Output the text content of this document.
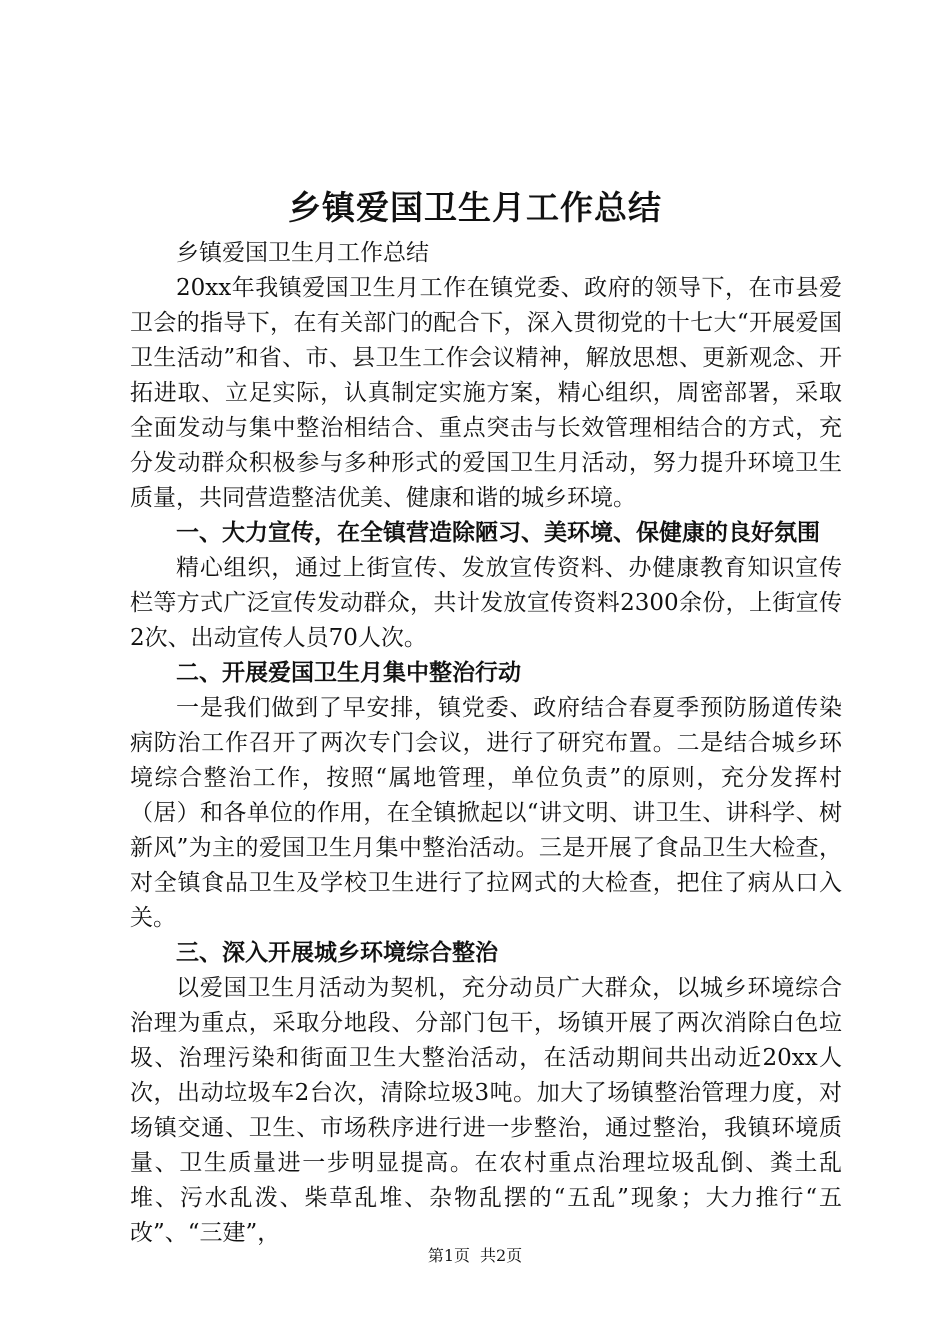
乡镇爱国卫生月工作总结

乡镇爱国卫生月工作总结

20xx年我镇爱国卫生月工作在镇党委、政府的领导下，在市县爱卫会的指导下，在有关部门的配合下，深入贯彻党的十七大“开展爱国卫生活动”和省、市、县卫生工作会议精神，解放思想、更新观念、开拓进取、立足实际，认真制定实施方案，精心组织，周密部署，采取全面发动与集中整治相结合、重点突击与长效管理相结合的方式，充分发动群众积极参与多种形式的爱国卫生月活动，努力提升环境卫生质量，共同营造整洁优美、健康和谐的城乡环境。

一、大力宣传，在全镇营造除陋习、美环境、保健康的良好氛围

精心组织，通过上街宣传、发放宣传资料、办健康教育知识宣传栏等方式广泛宣传发动群众，共计发放宣传资料2300余份，上街宣传2次、出动宣传人员70人次。

二、开展爱国卫生月集中整治行动

一是我们做到了早安排，镇党委、政府结合春夏季预防肠道传染病防治工作召开了两次专门会议，进行了研究布置。二是结合城乡环境综合整治工作，按照“属地管理，单位负责”的原则，充分发挥村（居）和各单位的作用，在全镇掀起以“讲文明、讲卫生、讲科学、树新风”为主的爱国卫生月集中整治活动。三是开展了食品卫生大检查，对全镇食品卫生及学校卫生进行了拉网式的大检查，把住了病从口入关。

三、深入开展城乡环境综合整治

以爱国卫生月活动为契机，充分动员广大群众，以城乡环境综合治理为重点，采取分地段、分部门包干，场镇开展了两次消除白色垃圾、治理污染和街面卫生大整治活动，在活动期间共出动近20xx人次，出动垃圾车2台次，清除垃圾3吨。加大了场镇整治管理力度，对场镇交通、卫生、市场秩序进行进一步整治，通过整治，我镇环境质量、卫生质量进一步明显提高。在农村重点治理垃圾乱倒、粪土乱堆、污水乱泼、柴草乱堆、杂物乱摆的“五乱”现象；大力推行“五改”、“三建”，

第1页 共2页
